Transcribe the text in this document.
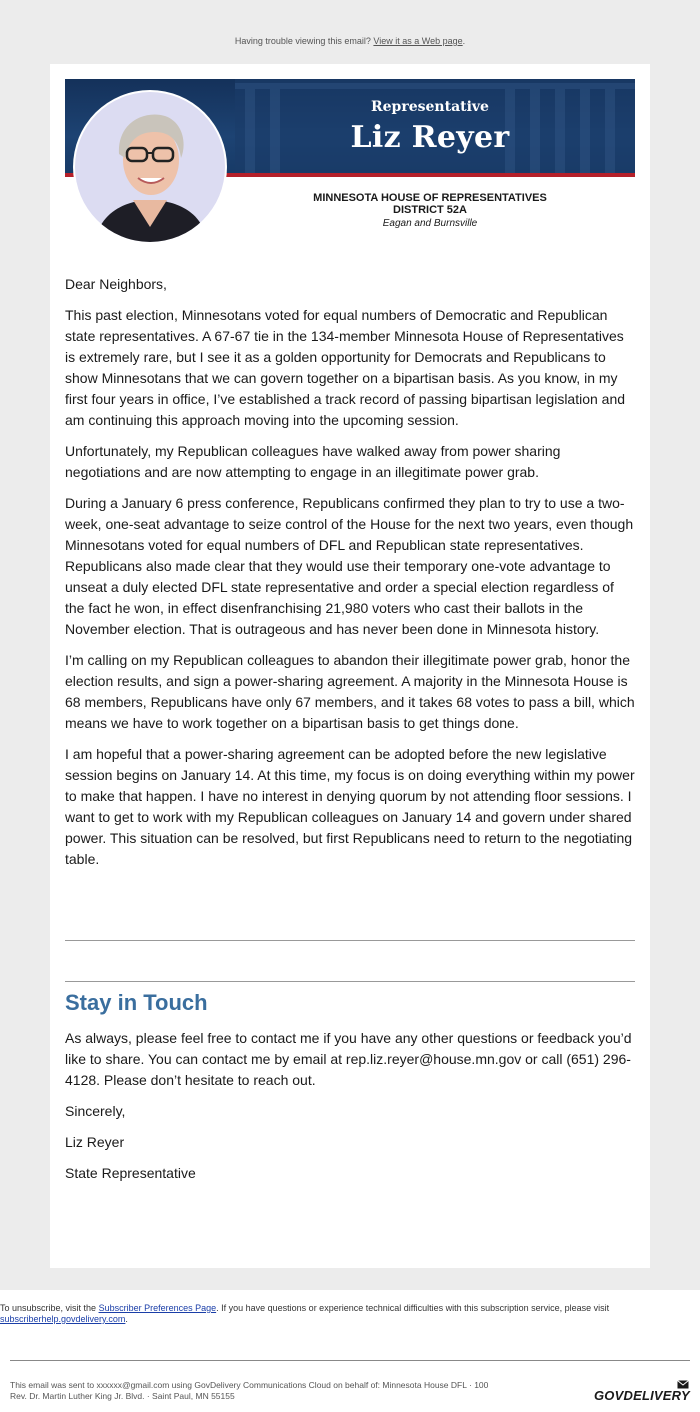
Having trouble viewing this email? View it as a Web page.
Representative
Liz Reyer
MINNESOTA HOUSE OF REPRESENTATIVES
DISTRICT 52A
Eagan and Burnsville

Dear Neighbors,

This past election, Minnesotans voted for equal numbers of Democratic and Republican state representatives. A 67-67 tie in the 134-member Minnesota House of Representatives is extremely rare, but I see it as a golden opportunity for Democrats and Republicans to show Minnesotans that we can govern together on a bipartisan basis. As you know, in my first four years in office, I’ve established a track record of passing bipartisan legislation and am continuing this approach moving into the upcoming session.

Unfortunately, my Republican colleagues have walked away from power sharing negotiations and are now attempting to engage in an illegitimate power grab.

During a January 6 press conference, Republicans confirmed they plan to try to use a two-week, one-seat advantage to seize control of the House for the next two years, even though Minnesotans voted for equal numbers of DFL and Republican state representatives. Republicans also made clear that they would use their temporary one-vote advantage to unseat a duly elected DFL state representative and order a special election regardless of the fact he won, in effect disenfranchising 21,980 voters who cast their ballots in the November election. That is outrageous and has never been done in Minnesota history.

I’m calling on my Republican colleagues to abandon their illegitimate power grab, honor the election results, and sign a power-sharing agreement. A majority in the Minnesota House is 68 members, Republicans have only 67 members, and it takes 68 votes to pass a bill, which means we have to work together on a bipartisan basis to get things done.

I am hopeful that a power-sharing agreement can be adopted before the new legislative session begins on January 14. At this time, my focus is on doing everything within my power to make that happen. I have no interest in denying quorum by not attending floor sessions. I want to get to work with my Republican colleagues on January 14 and govern under shared power. This situation can be resolved, but first Republicans need to return to the negotiating table.

Stay in Touch

As always, please feel free to contact me if you have any other questions or feedback you’d like to share. You can contact me by email at rep.liz.reyer@house.mn.gov or call (651) 296-4128. Please don’t hesitate to reach out.

Sincerely,

Liz Reyer

State Representative

To unsubscribe, visit the Subscriber Preferences Page. If you have questions or experience technical difficulties with this subscription service, please visit subscriberhelp.govdelivery.com.
This email was sent to xxxxxx@gmail.com using GovDelivery Communications Cloud on behalf of: Minnesota House DFL · 100
Rev. Dr. Martin Luther King Jr. Blvd. · Saint Paul, MN 55155	GOVDELIVERY
